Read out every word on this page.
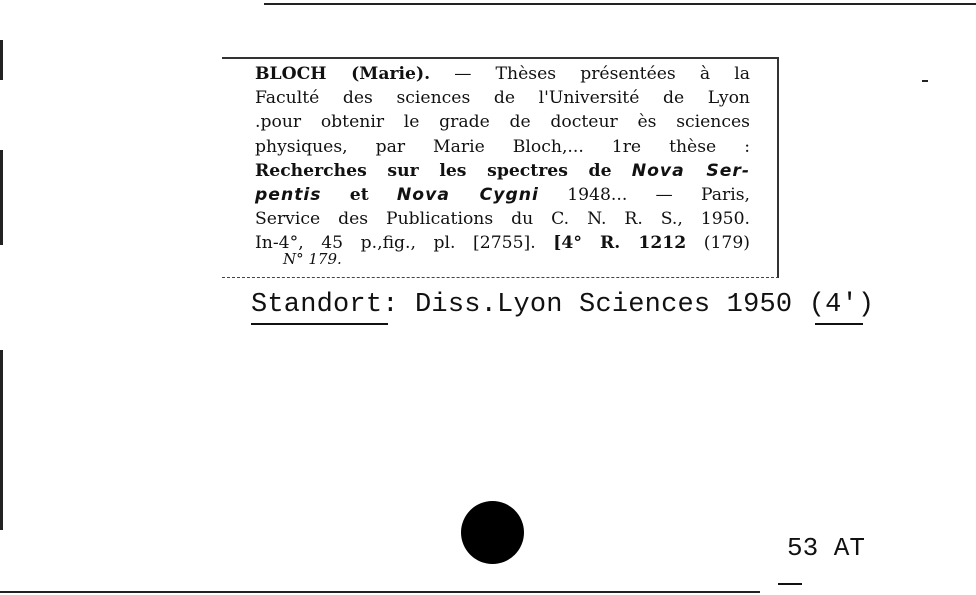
BLOCH (Marie). — Thèses présentées à la
Faculté des sciences de l'Université de Lyon
.pour obtenir le grade de docteur ès sciences
physiques, par Marie Bloch,... 1re thèse :
Recherches sur les spectres de Nova Ser-
pentis et Nova Cygni 1948... — Paris,
Service des Publications du C. N. R. S., 1950.
In-4°, 45 p.,fig., pl. [2755]. [4° R. 1212 (179)
N° 179.
Standort: Diss.Lyon Sciences 1950 (4')
53 AT
